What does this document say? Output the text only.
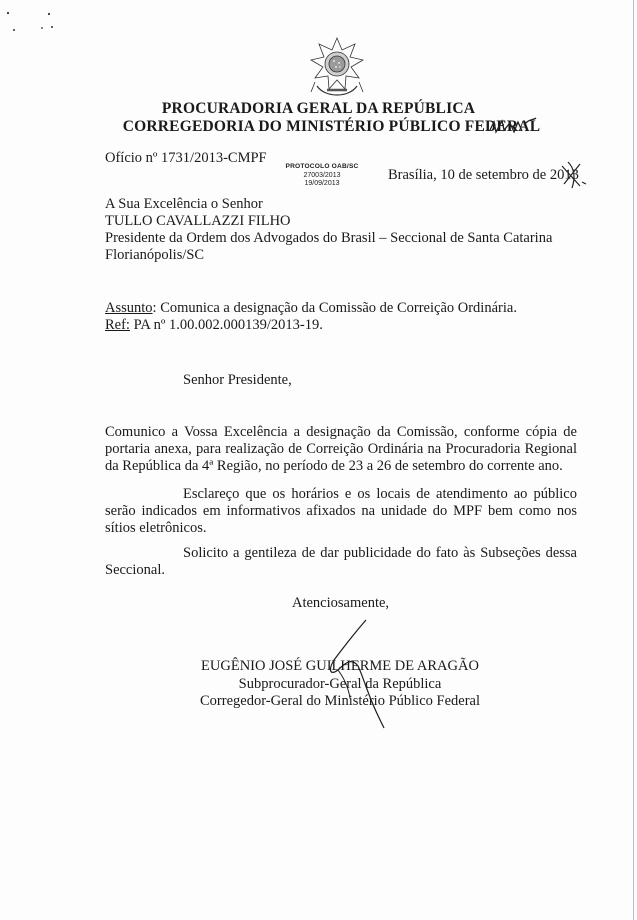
PROCURADORIA GERAL DA REPÚBLICA
CORREGEDORIA DO MINISTÉRIO PÚBLICO FEDERAL
Ofício nº 1731/2013-CMPF
PROTOCOLO OAB/SC
27003/2013
19/09/2013
Brasília, 10 de setembro de 2013
A Sua Excelência o Senhor
TULLO CAVALLAZZI FILHO
Presidente da Ordem dos Advogados do Brasil – Seccional de Santa Catarina
Florianópolis/SC
Assunto: Comunica a designação da Comissão de Correição Ordinária.
Ref: PA nº 1.00.002.000139/2013-19.
Senhor Presidente,

Comunico a Vossa Excelência a designação da Comissão, conforme cópia de portaria anexa, para realização de Correição Ordinária na Procuradoria Regional da República da 4ª Região, no período de 23 a 26 de setembro do corrente ano.

Esclareço que os horários e os locais de atendimento ao público serão indicados em informativos afixados na unidade do MPF bem como nos sítios eletrônicos.

Solicito a gentileza de dar publicidade do fato às Subseções dessa Seccional.

Atenciosamente,
EUGÊNIO JOSÉ GUILHERME DE ARAGÃO
Subprocurador-Geral da República
Corregedor-Geral do Ministério Público Federal
